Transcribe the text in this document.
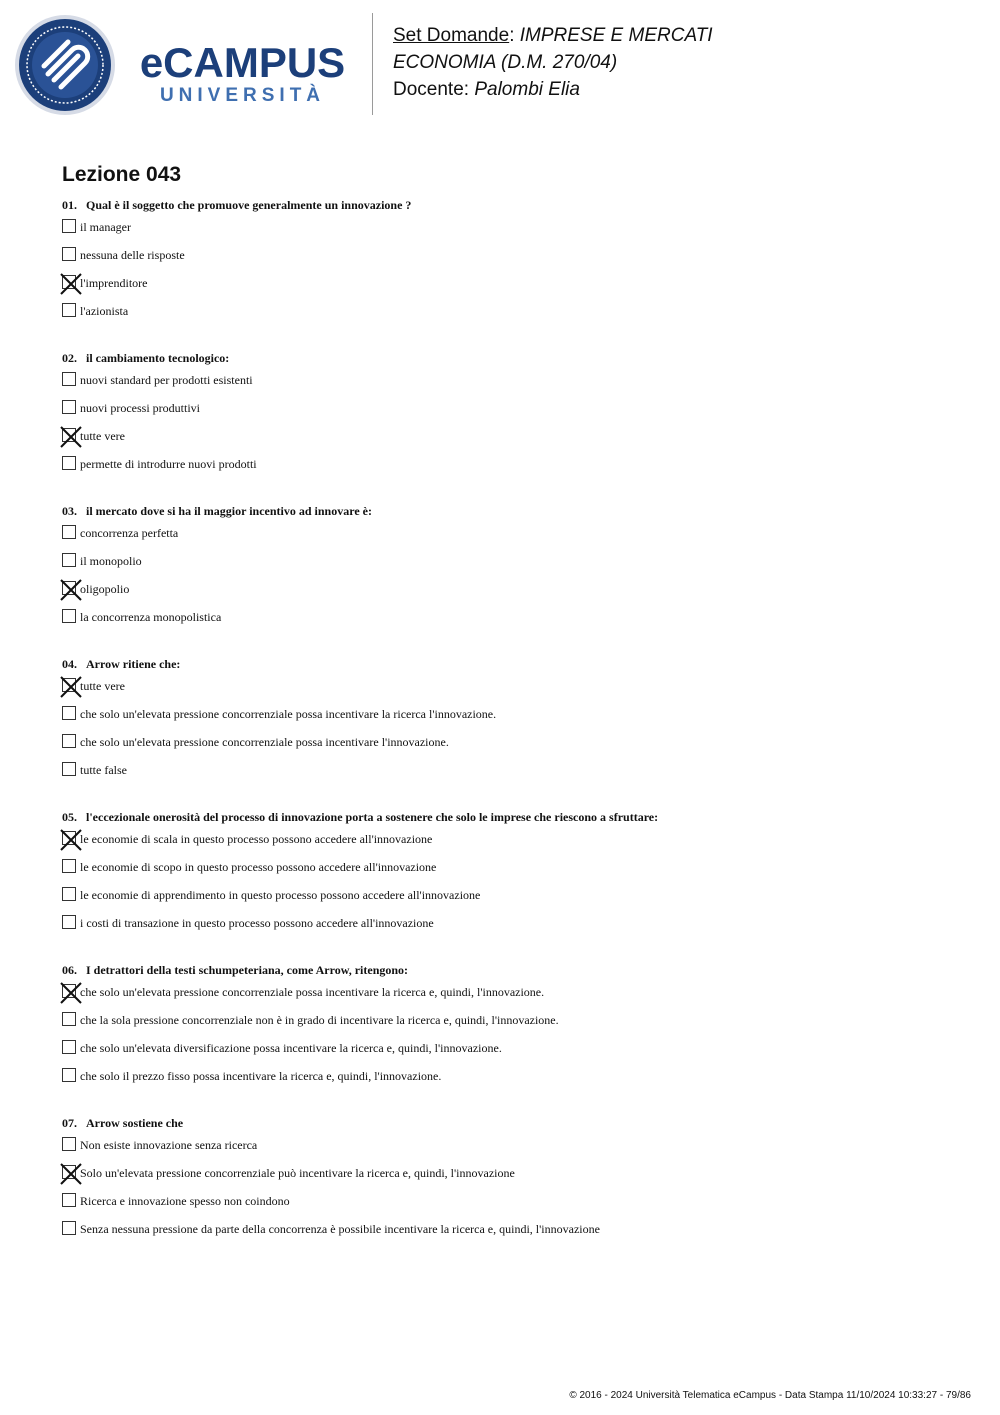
eCAMPUS
UNIVERSITÀ
Set Domande: IMPRESE E MERCATI
ECONOMIA (D.M. 270/04)
Docente: Palombi Elia
Lezione 043
01. Qual è il soggetto che promuove generalmente un innovazione ?
il manager
nessuna delle risposte
l'imprenditore
l'azionista
02. il cambiamento tecnologico:
nuovi standard per prodotti esistenti
nuovi processi produttivi
tutte vere
permette di introdurre nuovi prodotti
03. il mercato dove si ha il maggior incentivo ad innovare è:
concorrenza perfetta
il monopolio
oligopolio
la concorrenza monopolistica
04. Arrow ritiene che:
tutte vere
che solo un'elevata pressione concorrenziale possa incentivare la ricerca l'innovazione.
che solo un'elevata pressione concorrenziale possa incentivare l'innovazione.
tutte false
05. l'eccezionale onerosità del processo di innovazione porta a sostenere che solo le imprese che riescono a sfruttare:
le economie di scala in questo processo possono accedere all'innovazione
le economie di scopo in questo processo possono accedere all'innovazione
le economie di apprendimento in questo processo possono accedere all'innovazione
i costi di transazione in questo processo possono accedere all'innovazione
06. I detrattori della testi schumpeteriana, come Arrow, ritengono:
che solo un'elevata pressione concorrenziale possa incentivare la ricerca e, quindi, l'innovazione.
che la sola pressione concorrenziale non è in grado di incentivare la ricerca e, quindi, l'innovazione.
che solo un'elevata diversificazione possa incentivare la ricerca e, quindi, l'innovazione.
che solo il prezzo fisso possa incentivare la ricerca e, quindi, l'innovazione.
07. Arrow sostiene che
Non esiste innovazione senza ricerca
Solo un'elevata pressione concorrenziale può incentivare la ricerca e, quindi, l'innovazione
Ricerca e innovazione spesso non coindono
Senza nessuna pressione da parte della concorrenza è possibile incentivare la ricerca e, quindi, l'innovazione
© 2016 - 2024 Università Telematica eCampus - Data Stampa 11/10/2024 10:33:27 - 79/86
